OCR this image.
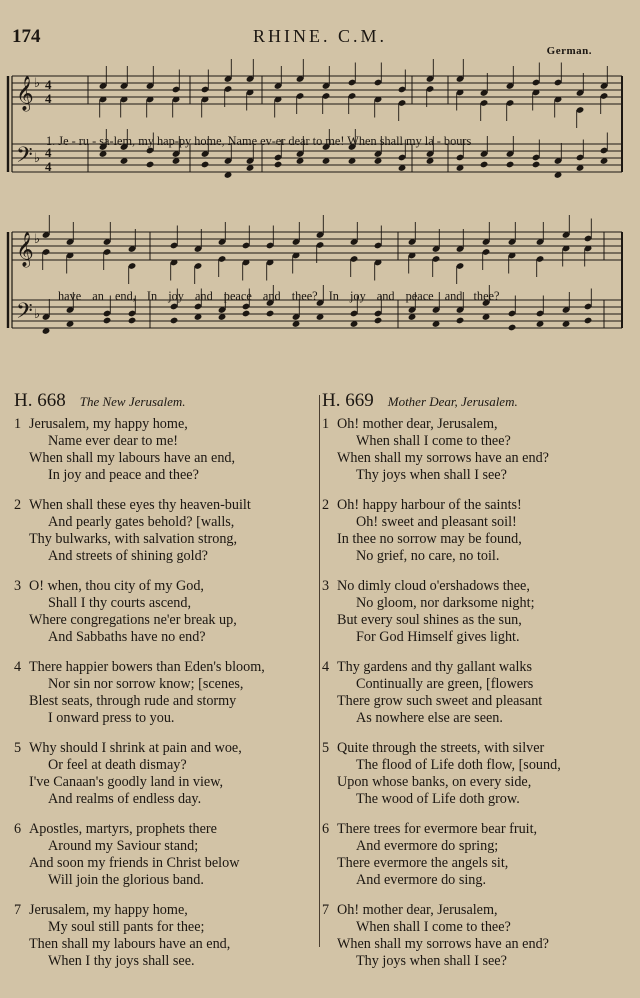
174	RHINE. C.M.
German.
𝄞
𝄢
♭
♭
4
4
4
4
𝄞
𝄢
♭
♭
1. Je - ru - sa-lem, my hap-py home, Name ev-er dear to me! When shall my la - bours
have an end, In joy and peace and thee? In joy and peace and thee?
H. 668 The New Jerusalem.
1 Jerusalem, my happy home,
Name ever dear to me!
When shall my labours have an end,
In joy and peace and thee?
2 When shall these eyes thy heaven-built
And pearly gates behold? [walls,
Thy bulwarks, with salvation strong,
And streets of shining gold?
3 O! when, thou city of my God,
Shall I thy courts ascend,
Where congregations ne'er break up,
And Sabbaths have no end?
4 There happier bowers than Eden's bloom,
Nor sin nor sorrow know; [scenes,
Blest seats, through rude and stormy
I onward press to you.
5 Why should I shrink at pain and woe,
Or feel at death dismay?
I've Canaan's goodly land in view,
And realms of endless day.
6 Apostles, martyrs, prophets there
Around my Saviour stand;
And soon my friends in Christ below
Will join the glorious band.
7 Jerusalem, my happy home,
My soul still pants for thee;
Then shall my labours have an end,
When I thy joys shall see.
H. 669 Mother Dear, Jerusalem.
1 Oh! mother dear, Jerusalem,
When shall I come to thee?
When shall my sorrows have an end?
Thy joys when shall I see?
2 Oh! happy harbour of the saints!
Oh! sweet and pleasant soil!
In thee no sorrow may be found,
No grief, no care, no toil.
3 No dimly cloud o'ershadows thee,
No gloom, nor darksome night;
But every soul shines as the sun,
For God Himself gives light.
4 Thy gardens and thy gallant walks
Continually are green, [flowers
There grow such sweet and pleasant
As nowhere else are seen.
5 Quite through the streets, with silver
The flood of Life doth flow, [sound,
Upon whose banks, on every side,
The wood of Life doth grow.
6 There trees for evermore bear fruit,
And evermore do spring;
There evermore the angels sit,
And evermore do sing.
7 Oh! mother dear, Jerusalem,
When shall I come to thee?
When shall my sorrows have an end?
Thy joys when shall I see?
